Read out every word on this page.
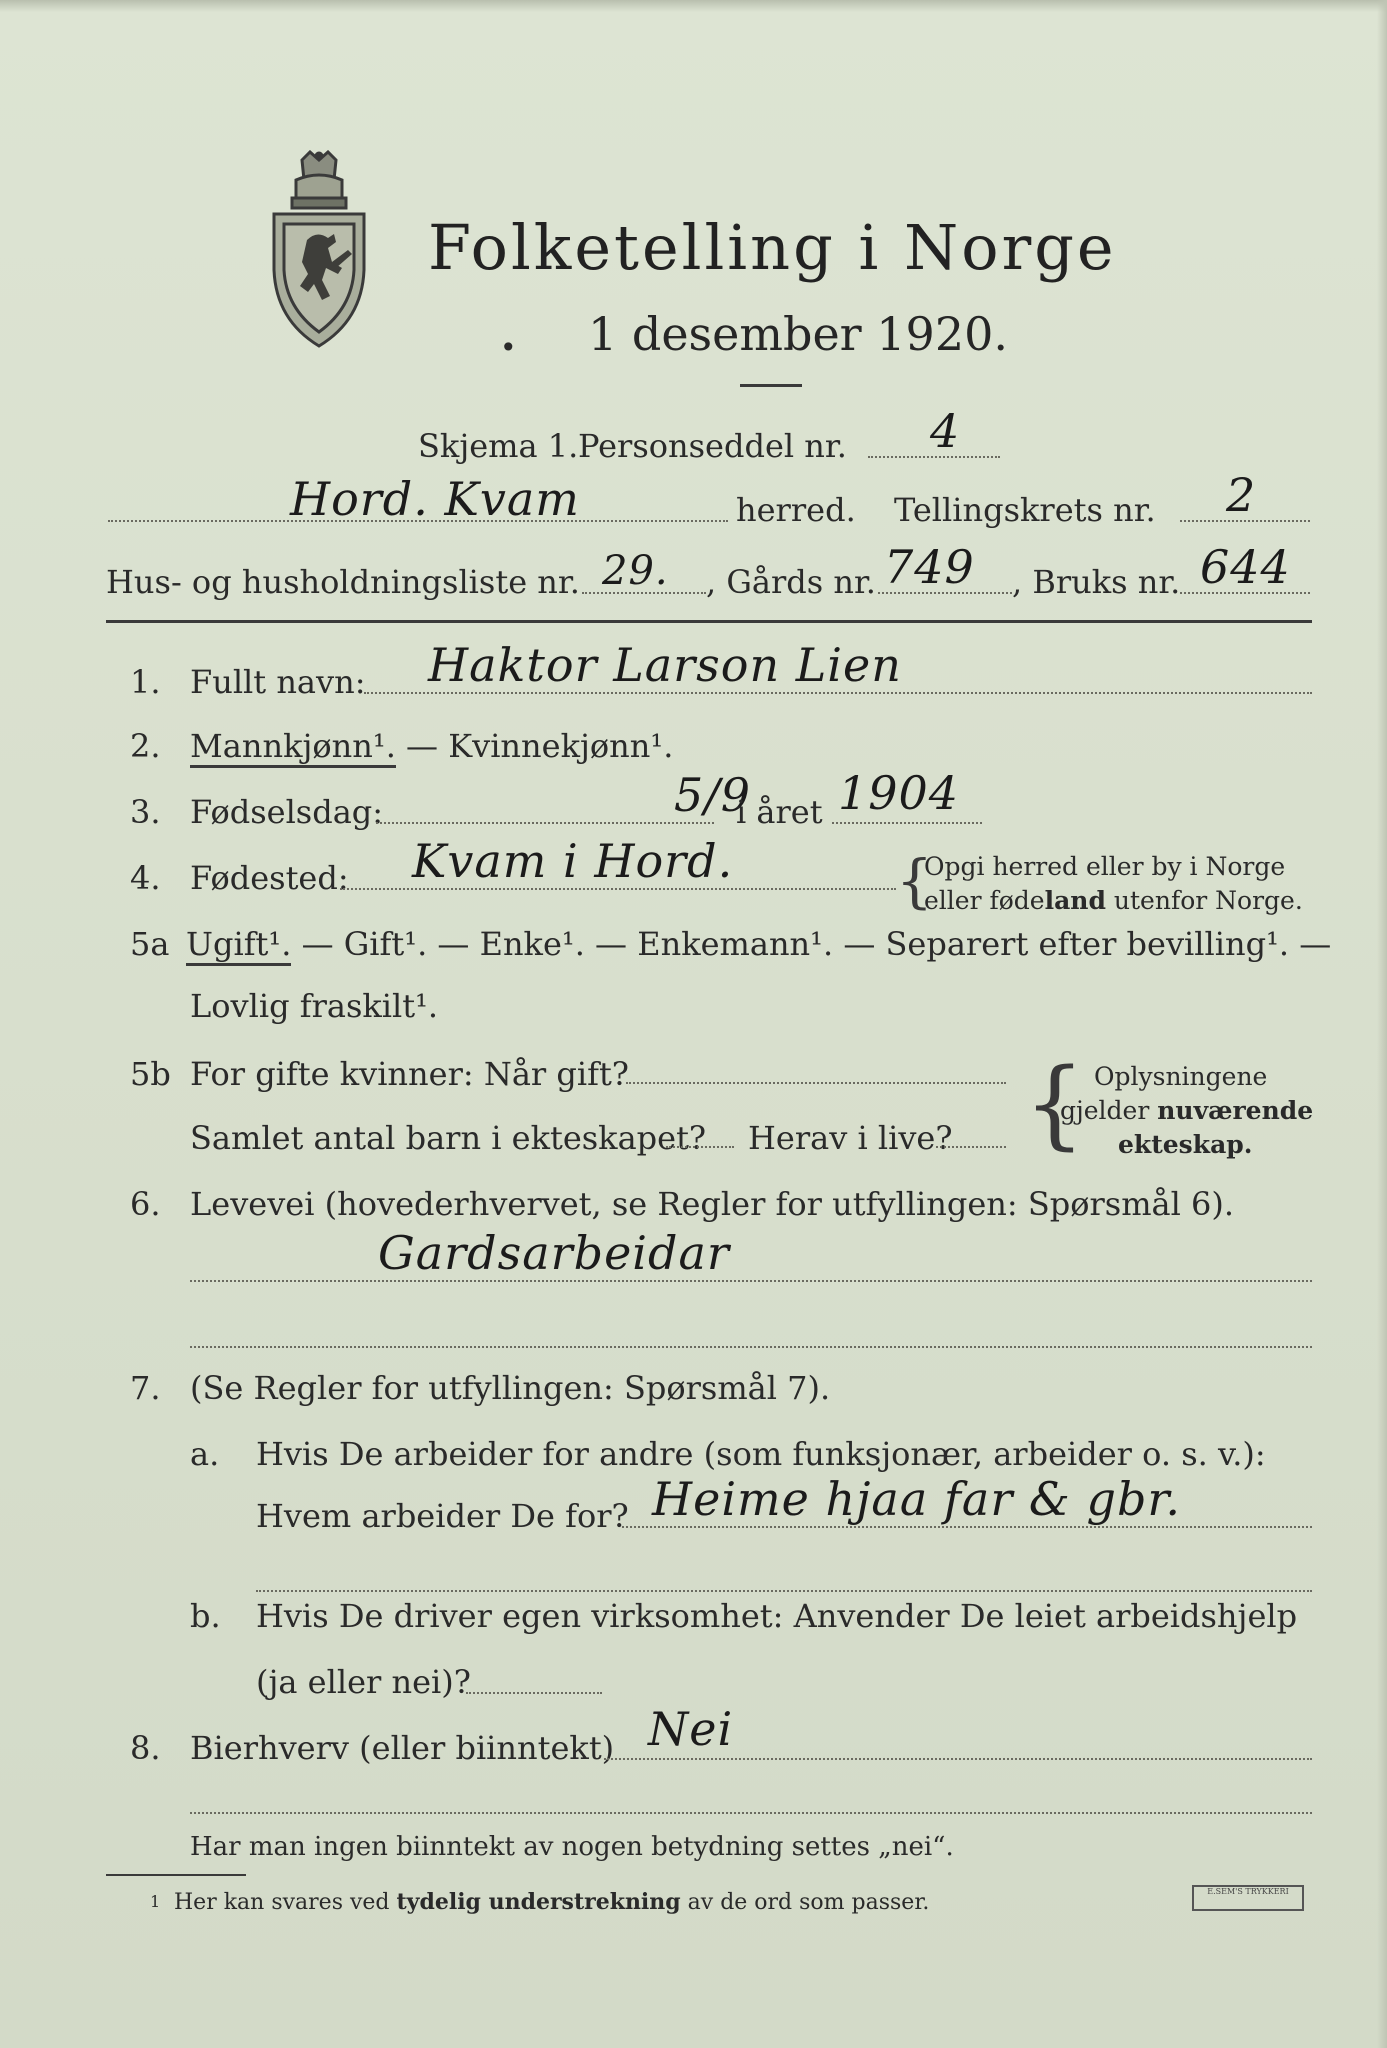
Folketelling i Norge
1 desember 1920.
•
Skjema 1. Personseddel nr. 4
Hord. Kvam	herred. Tellingskrets nr. 2
Hus- og husholdningsliste nr. 29. , Gårds nr. 749 , Bruks nr. 644
1. Fullt navn: Haktor Larson Lien
2. Mannkjønn¹. — Kvinnekjønn¹.
3. Fødselsdag:	5/9
i året 1904
4. Fødested: Kvam i Hord.	{
Opgi herred eller by i Norge
eller fødeland utenfor Norge.
5a Ugift¹. — Gift¹. — Enke¹. — Enkemann¹. — Separert efter bevilling¹. —
Lovlig fraskilt¹.
5b For gifte kvinner: Når gift?
Samlet antal barn i ekteskapet? Herav i live? { Oplysningene
gjelder nuværende
ekteskap.
6. Levevei (hovederhvervet, se Regler for utfyllingen: Spørsmål 6).
Gardsarbeidar
7. (Se Regler for utfyllingen: Spørsmål 7).
a. Hvis De arbeider for andre (som funksjonær, arbeider o. s. v.):
Hvem arbeider De for? Heime hjaa far & gbr.
b. Hvis De driver egen virksomhet: Anvender De leiet arbeidshjelp
(ja eller nei)?
8. Bierhverv (eller biinntekt) Nei
Har man ingen biinntekt av nogen betydning settes „nei“.
1 Her kan svares ved tydelig understrekning av de ord som passer.	E.SEM'S TRYKKERI
